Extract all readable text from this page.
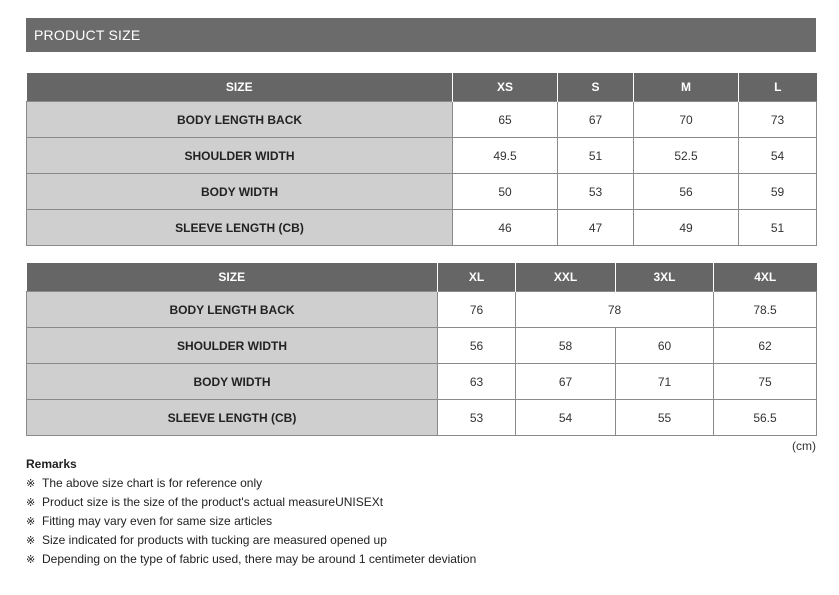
PRODUCT SIZE
SIZE	XS	S	M	L
BODY LENGTH BACK	65	67	70	73
SHOULDER WIDTH	49.5	51	52.5	54
BODY WIDTH	50	53	56	59
SLEEVE LENGTH (CB)	46	47	49	51
SIZE	XL	XXL	3XL	4XL
BODY LENGTH BACK	76	78		78.5
SHOULDER WIDTH	56	58	60	62
BODY WIDTH	63	67	71	75
SLEEVE LENGTH (CB)	53	54	55	56.5
(cm)
Remarks
※ The above size chart is for reference only
※ Product size is the size of the product's actual measureUNISEXt
※ Fitting may vary even for same size articles
※ Size indicated for products with tucking are measured opened up
※ Depending on the type of fabric used, there may be around 1 centimeter deviation
